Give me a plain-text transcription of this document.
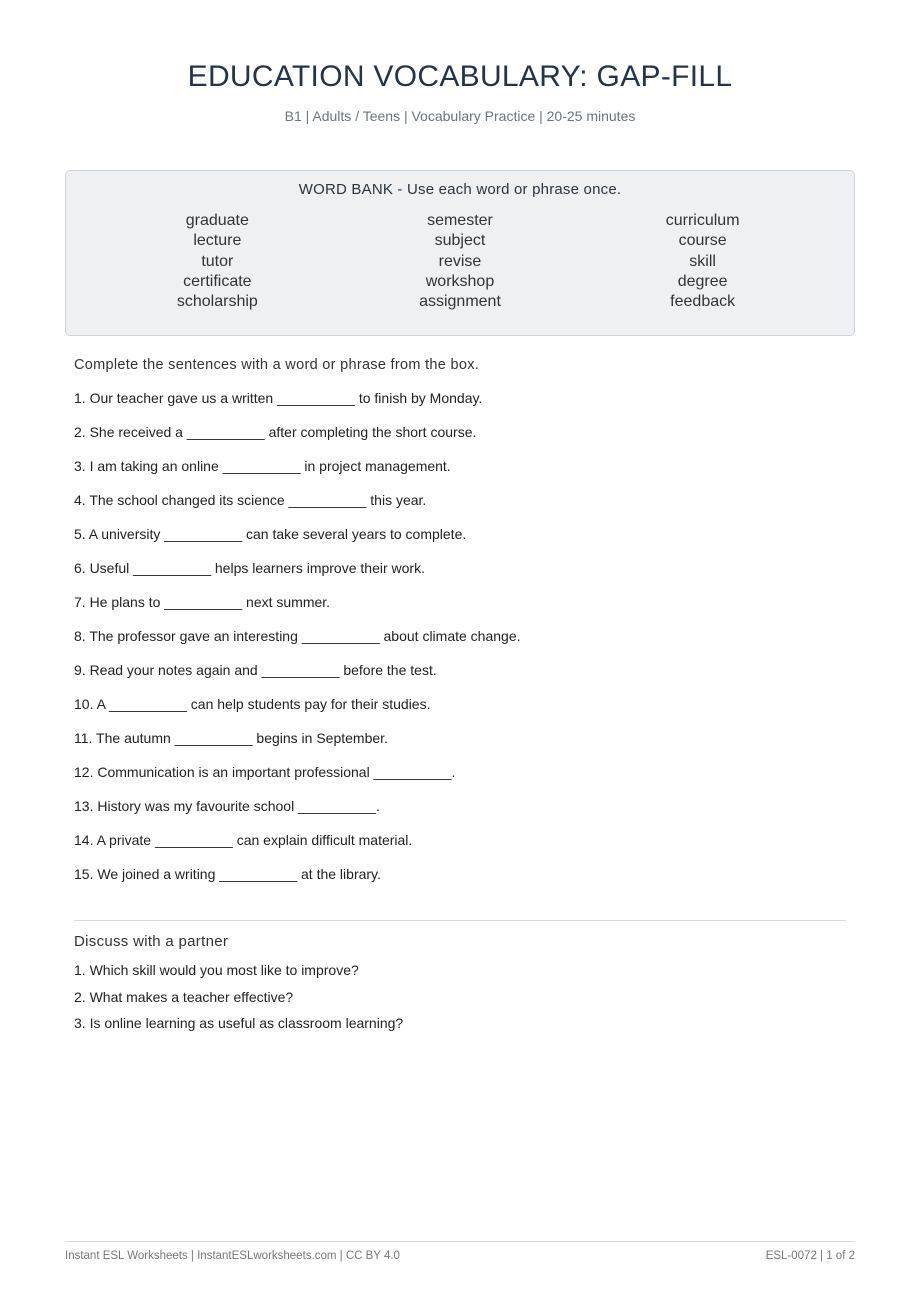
EDUCATION VOCABULARY: GAP-FILL
B1 | Adults / Teens | Vocabulary Practice | 20-25 minutes
WORD BANK - Use each word or phrase once.
graduate
lecture
tutor
certificate
scholarship
semester
subject
revise
workshop
assignment
curriculum
course
skill
degree
feedback
Complete the sentences with a word or phrase from the box.
1. Our teacher gave us a written __________ to finish by Monday.
2. She received a __________ after completing the short course.
3. I am taking an online __________ in project management.
4. The school changed its science __________ this year.
5. A university __________ can take several years to complete.
6. Useful __________ helps learners improve their work.
7. He plans to __________ next summer.
8. The professor gave an interesting __________ about climate change.
9. Read your notes again and __________ before the test.
10. A __________ can help students pay for their studies.
11. The autumn __________ begins in September.
12. Communication is an important professional __________.
13. History was my favourite school __________.
14. A private __________ can explain difficult material.
15. We joined a writing __________ at the library.
Discuss with a partner
1. Which skill would you most like to improve?
2. What makes a teacher effective?
3. Is online learning as useful as classroom learning?
Instant ESL Worksheets | InstantESLworksheets.com | CC BY 4.0	ESL-0072 | 1 of 2
